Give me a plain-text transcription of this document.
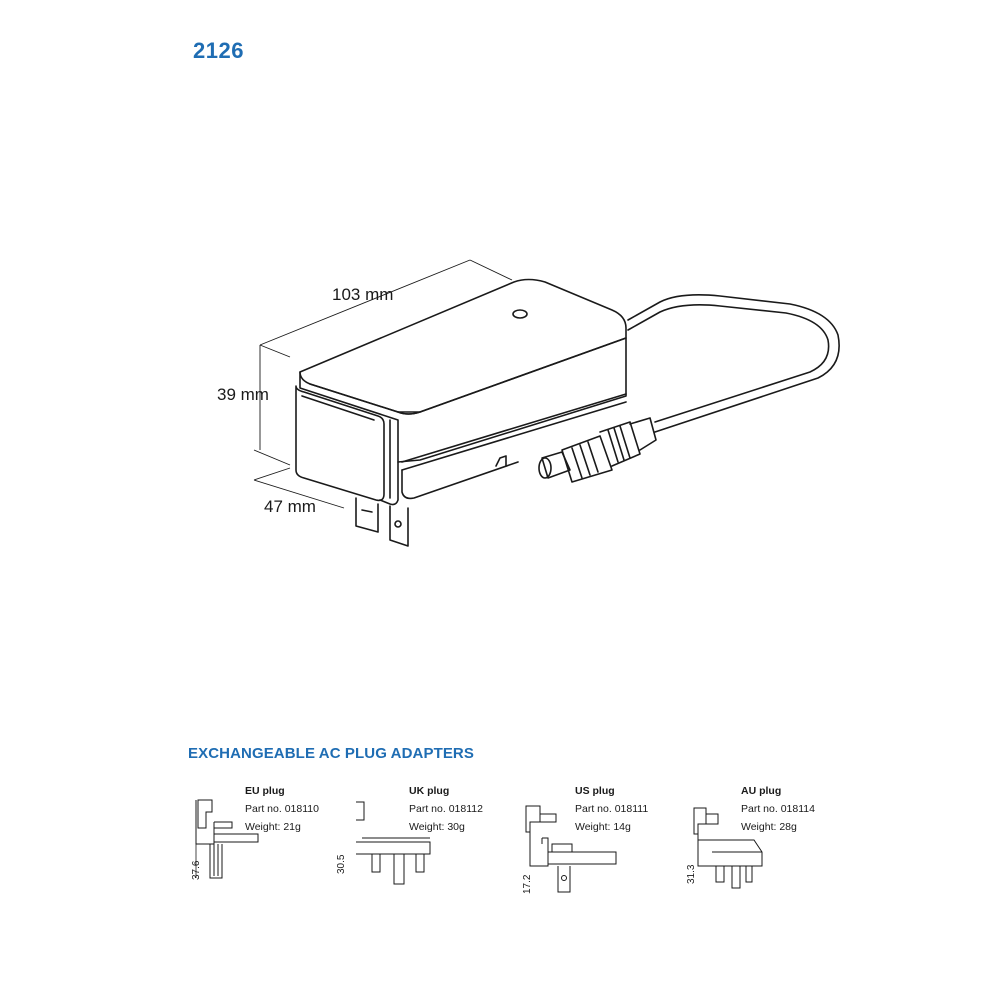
2126
103 mm
39 mm
47 mm
EXCHANGEABLE AC PLUG ADAPTERS
37.6
EU plug
Part no. 018110
Weight: 21g
30.5
UK plug
Part no. 018112
Weight: 30g
17.2
US plug
Part no. 018111
Weight: 14g
31.3
AU plug
Part no. 018114
Weight: 28g
